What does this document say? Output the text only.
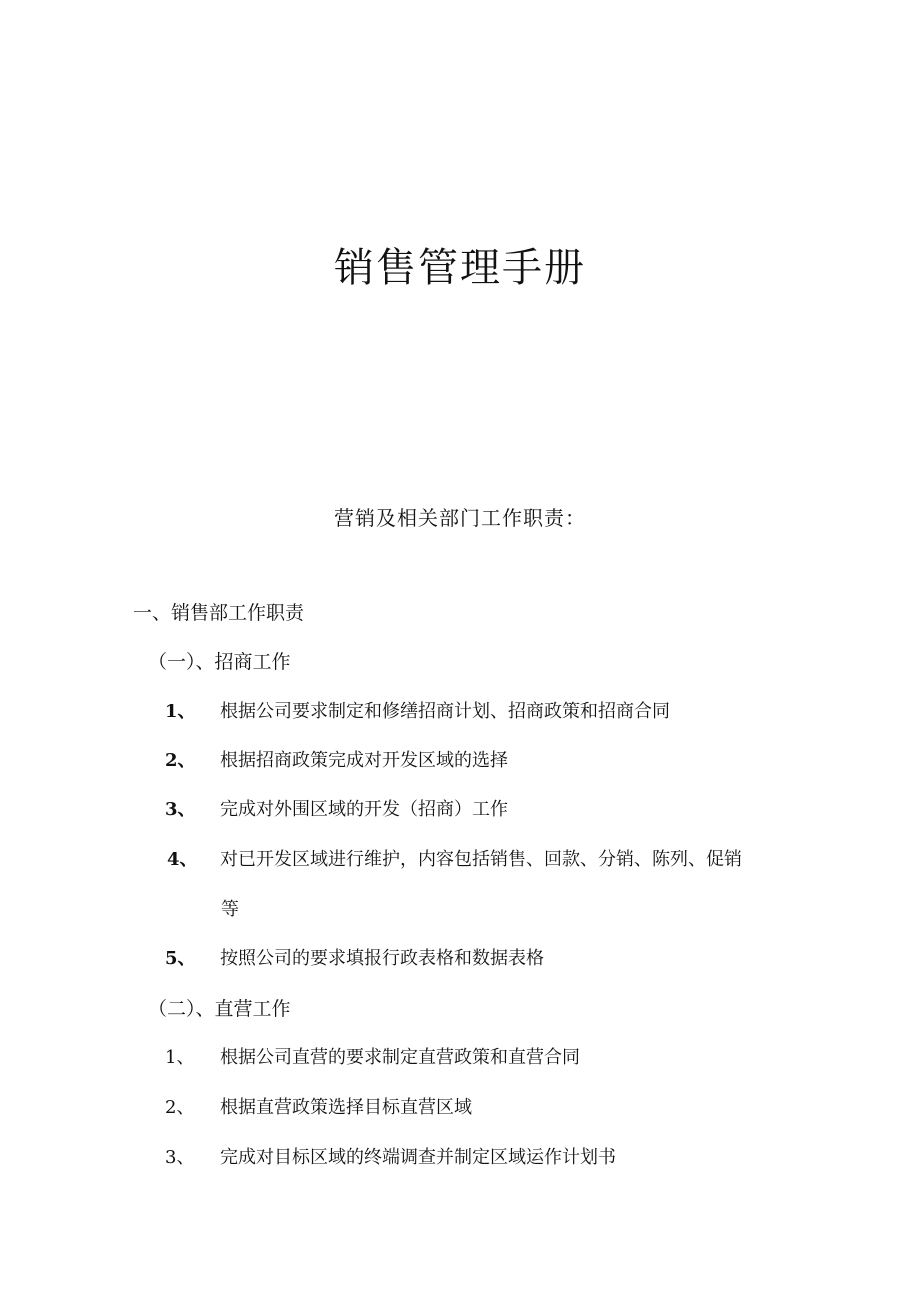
销售管理手册
营销及相关部门工作职责：
一、销售部工作职责
（一）、招商工作
1、 根据公司要求制定和修缮招商计划、招商政策和招商合同
2、 根据招商政策完成对开发区域的选择
3、 完成对外围区域的开发（招商）工作
4、 对已开发区域进行维护，内容包括销售、回款、分销、陈列、促销
等
5、 按照公司的要求填报行政表格和数据表格
（二）、直营工作
1、 根据公司直营的要求制定直营政策和直营合同
2、 根据直营政策选择目标直营区域
3、 完成对目标区域的终端调查并制定区域运作计划书
